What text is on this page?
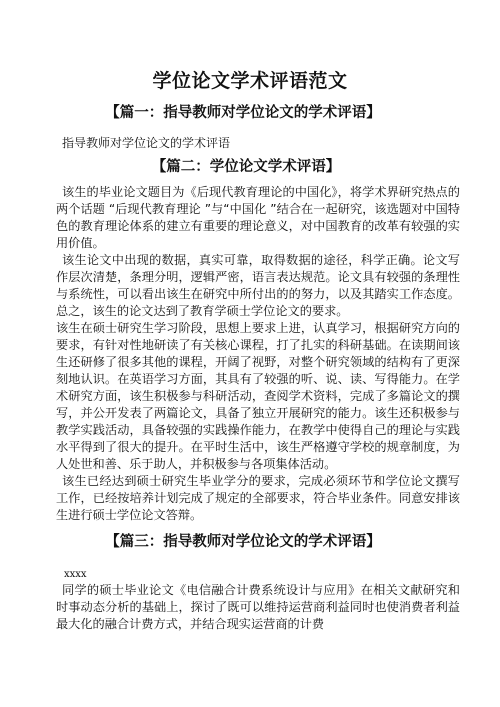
学位论文学术评语范文
【篇一：指导教师对学位论文的学术评语】
指导教师对学位论文的学术评语
【篇二：学位论文学术评语】

该生的毕业论文题目为《后现代教育理论的中国化》，将学术界研究热点的两个话题 “后现代教育理论 ”与“中国化 ”结合在一起研究，该选题对中国特色的教育理论体系的建立有重要的理论意义，对中国教育的改革有较强的实用价值。

该生论文中出现的数据，真实可靠，取得数据的途径，科学正确。论文写作层次清楚，条理分明，逻辑严密，语言表达规范。论文具有较强的条理性与系统性，可以看出该生在研究中所付出的的努力，以及其踏实工作态度。总之，该生的论文达到了教育学硕士学位论文的要求。

该生在硕士研究生学习阶段，思想上要求上进，认真学习，根据研究方向的要求，有针对性地研读了有关核心课程，打了扎实的科研基础。在读期间该生还研修了很多其他的课程，开阔了视野，对整个研究领域的结构有了更深刻地认识。在英语学习方面，其具有了较强的听、说、读、写得能力。在学术研究方面，该生积极参与科研活动，查阅学术资料，完成了多篇论文的撰写，并公开发表了两篇论文，具备了独立开展研究的能力。该生还积极参与教学实践活动，具备较强的实践操作能力，在教学中使得自己的理论与实践水平得到了很大的提升。在平时生活中，该生严格遵守学校的规章制度，为人处世和善、乐于助人，并积极参与各项集体活动。

该生已经达到硕士研究生毕业学分的要求，完成必须环节和学位论文撰写工作，已经按培养计划完成了规定的全部要求，符合毕业条件。同意安排该生进行硕士学位论文答辩。

【篇三：指导教师对学位论文的学术评语】
xxxx

同学的硕士毕业论文《电信融合计费系统设计与应用》在相关文献研究和时事动态分析的基础上，探讨了既可以维持运营商利益同时也使消费者利益最大化的融合计费方式，并结合现实运营商的计费
